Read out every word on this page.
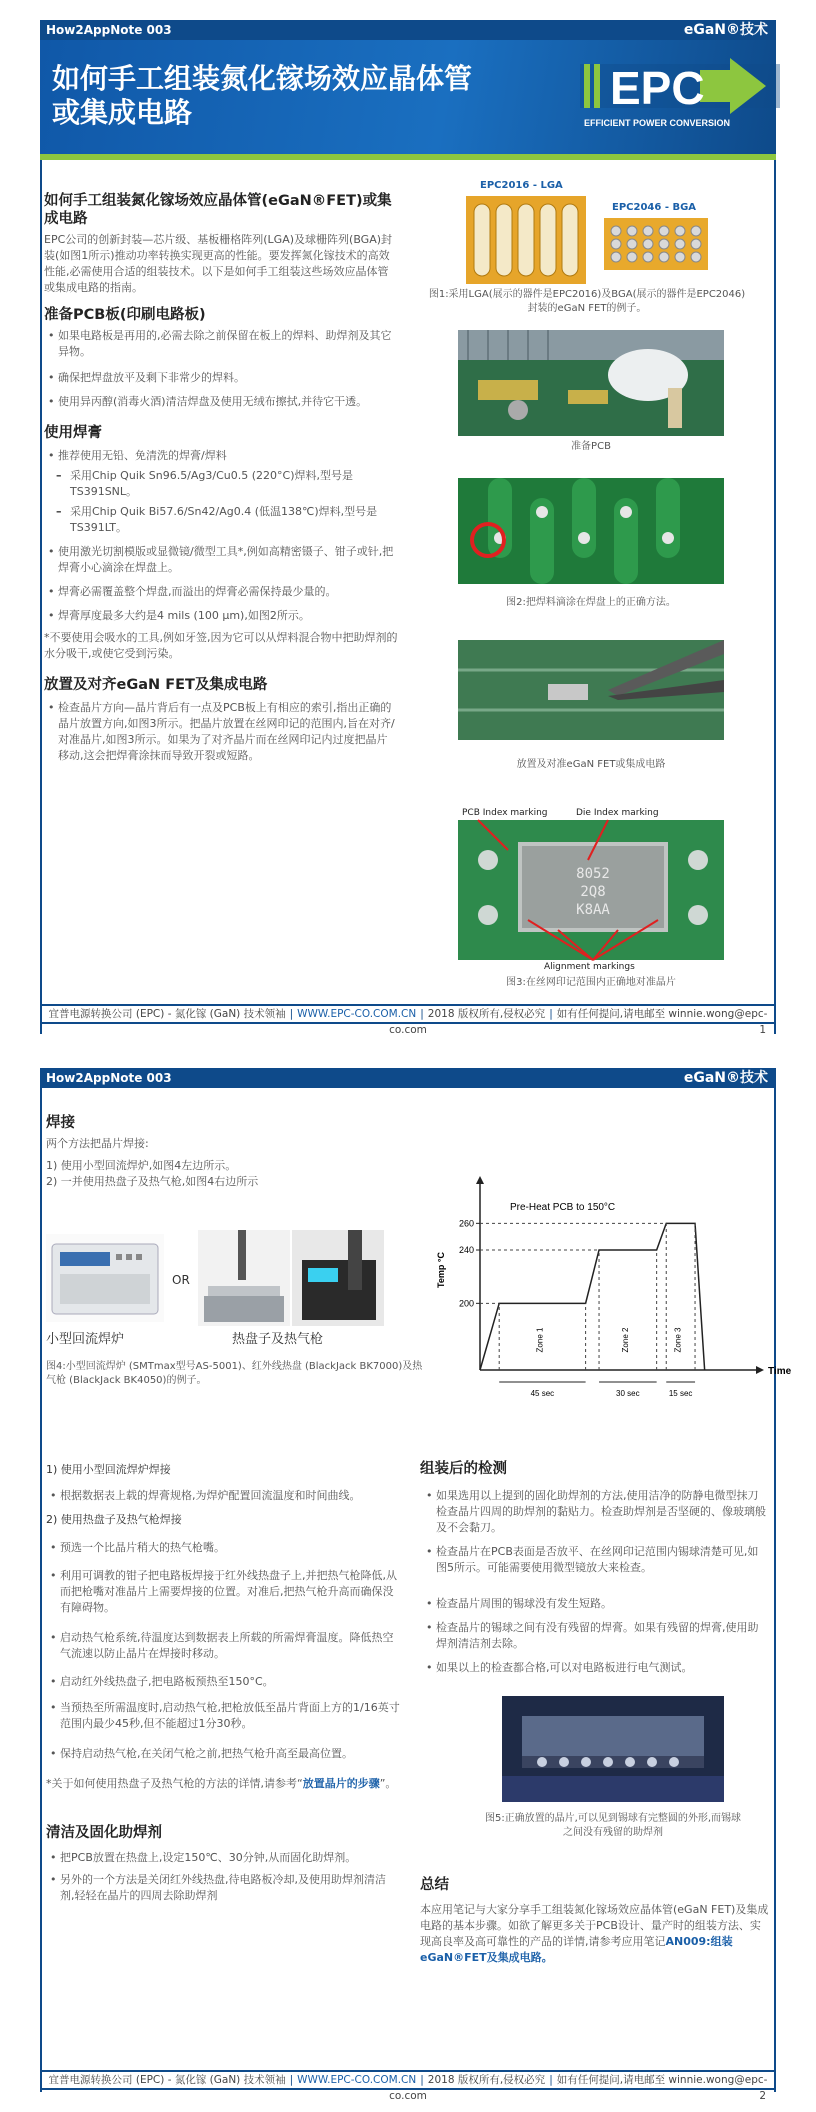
How2AppNote 003	eGaN®技术
如何手工组装氮化镓场效应晶体管
或集成电路	EPC
EFFICIENT POWER CONVERSION
如何手工组装氮化镓场效应晶体管(eGaN®FET)或集成电路
EPC公司的创新封装—芯片级、基板栅格阵列(LGA)及球栅阵列(BGA)封装(如图1所示)推动功率转换实现更高的性能。要发挥氮化镓技术的高效性能,必需使用合适的组装技术。以下是如何手工组装这些场效应晶体管或集成电路的指南。
准备PCB板(印刷电路板)
• 如果电路板是再用的,必需去除之前保留在板上的焊料、助焊剂及其它异物。
• 确保把焊盘放平及剩下非常少的焊料。
• 使用异丙醇(消毒火酒)清洁焊盘及使用无绒布擦拭,并待它干透。
使用焊膏
• 推荐使用无铅、免清洗的焊膏/焊料
– 采用Chip Quik Sn96.5/Ag3/Cu0.5 (220°C)焊料,型号是TS391SNL。
– 采用Chip Quik Bi57.6/Sn42/Ag0.4 (低温138℃)焊料,型号是TS391LT。
• 使用激光切割模版或显微镜/微型工具*,例如高精密镊子、钳子或针,把焊膏小心滴涂在焊盘上。
• 焊膏必需覆盖整个焊盘,而溢出的焊膏必需保持最少量的。
• 焊膏厚度最多大约是4 mils (100 µm),如图2所示。
*不要使用会吸水的工具,例如牙签,因为它可以从焊料混合物中把助焊剂的水分吸干,或使它受到污染。
放置及对齐eGaN FET及集成电路
• 检查晶片方向—晶片背后有一点及PCB板上有相应的索引,指出正确的晶片放置方向,如图3所示。把晶片放置在丝网印记的范围内,旨在对齐/对准晶片,如图3所示。如果为了对齐晶片而在丝网印记内过度把晶片移动,这会把焊膏涂抹而导致开裂或短路。
EPC2016 - LGA
EPC2046 - BGA
图1:采用LGA(展示的器件是EPC2016)及BGA(展示的器件是EPC2046)封装的eGaN FET的例子。
准备PCB
图2:把焊料滴涂在焊盘上的正确方法。
放置及对准eGaN FET或集成电路
PCB Index marking	Die Index marking
8052 2Q8 K8AA
Alignment markings
图3:在丝网印记范围内正确地对准晶片
宜普电源转换公司 (EPC) - 氮化镓 (GaN) 技术领袖 | WWW.EPC-CO.COM.CN | 2018 版权所有,侵权必究 | 如有任何提问,请电邮至 winnie.wong@epc-co.com	1
How2AppNote 003	eGaN®技术
焊接
两个方法把晶片焊接:
1) 使用小型回流焊炉,如图4左边所示。
2) 一并使用热盘子及热气枪,如图4右边所示
OR
小型回流焊炉	热盘子及热气枪
图4:小型回流焊炉 (SMTmax型号AS-5001)、红外线热盘 (BlackJack BK7000)及热气枪 (BlackJack BK4050)的例子。
Time
Temp °C
Pre-Heat PCB to 150°C
200
240
260
Zone 1
45 sec
Zone 2
30 sec
Zone 3
15 sec
1) 使用小型回流焊炉焊接
• 根据数据表上载的焊膏规格,为焊炉配置回流温度和时间曲线。
2) 使用热盘子及热气枪焊接
• 预选一个比晶片稍大的热气枪嘴。
• 利用可调教的钳子把电路板焊接于红外线热盘子上,并把热气枪降低,从而把枪嘴对准晶片上需要焊接的位置。对准后,把热气枪升高而确保没有障碍物。
• 启动热气枪系统,待温度达到数据表上所载的所需焊膏温度。降低热空气流速以防止晶片在焊接时移动。
• 启动红外线热盘子,把电路板预热至150°C。
• 当预热至所需温度时,启动热气枪,把枪放低至晶片背面上方的1/16英寸范围内最少45秒,但不能超过1分30秒。
• 保持启动热气枪,在关闭气枪之前,把热气枪升高至最高位置。
*关于如何使用热盘子及热气枪的方法的详情,请参考“放置晶片的步骤”。
清洁及固化助焊剂
• 把PCB放置在热盘上,设定150℃、30分钟,从而固化助焊剂。
• 另外的一个方法是关闭红外线热盘,待电路板冷却,及使用助焊剂清洁剂,轻轻在晶片的四周去除助焊剂
组装后的检测
• 如果选用以上提到的固化助焊剂的方法,使用洁净的防静电微型抹刀检查晶片四周的助焊剂的黏贴力。检查助焊剂是否坚硬的、像玻璃般及不会黏刀。
• 检查晶片在PCB表面是否放平、在丝网印记范围内锡球清楚可见,如图5所示。可能需要使用微型镜放大来检查。
• 检查晶片周围的锡球没有发生短路。
• 检查晶片的锡球之间有没有残留的焊膏。如果有残留的焊膏,使用助焊剂清洁剂去除。
• 如果以上的检查都合格,可以对电路板进行电气测试。
图5:正确放置的晶片,可以见到锡球有完整圆的外形,而锡球之间没有残留的助焊剂
总结
本应用笔记与大家分享手工组装氮化镓场效应晶体管(eGaN FET)及集成电路的基本步骤。如欲了解更多关于PCB设计、量产时的组装方法、实现高良率及高可靠性的产品的详情,请参考应用笔记AN009:组装eGaN®FET及集成电路。
宜普电源转换公司 (EPC) - 氮化镓 (GaN) 技术领袖 | WWW.EPC-CO.COM.CN | 2018 版权所有,侵权必究 | 如有任何提问,请电邮至 winnie.wong@epc-co.com	2
